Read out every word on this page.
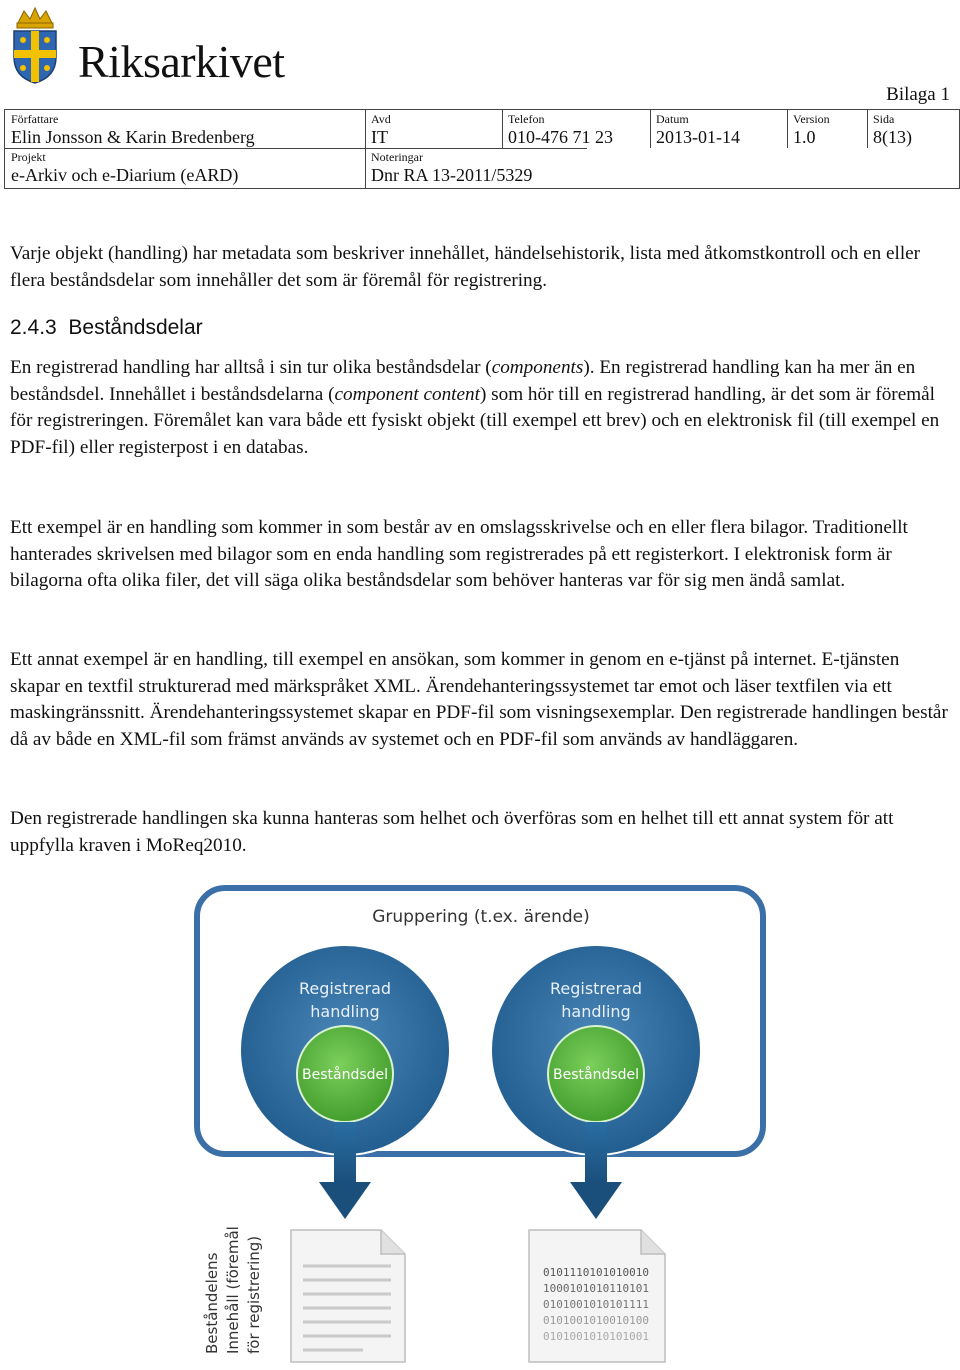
Riksarkivet
Bilaga 1
Författare
Elin Jonsson & Karin Bredenberg
Avd
IT
Telefon
010-476 71 23
Datum
2013-01-14
Version
1.0
Sida
8(13)
Projekt
e-Arkiv och e-Diarium (eARD)
Noteringar
Dnr RA 13-2011/5329

Varje objekt (handling) har metadata som beskriver innehållet, händelsehistorik, lista med åtkomstkontroll och en eller flera beståndsdelar som innehåller det som är föremål för registrering.

2.4.3 Beståndsdelar

En registrerad handling har alltså i sin tur olika beståndsdelar (components). En registrerad handling kan ha mer än en beståndsdel. Innehållet i beståndsdelarna (component content) som hör till en registrerad handling, är det som är föremål för registreringen. Föremålet kan vara både ett fysiskt objekt (till exempel ett brev) och en elektronisk fil (till exempel en PDF-fil) eller registerpost i en databas.

Ett exempel är en handling som kommer in som består av en omslagsskrivelse och en eller flera bilagor. Traditionellt hanterades skrivelsen med bilagor som en enda handling som registrerades på ett registerkort. I elektronisk form är bilagorna ofta olika filer, det vill säga olika beståndsdelar som behöver hanteras var för sig men ändå samlat.

Ett annat exempel är en handling, till exempel en ansökan, som kommer in genom en e-tjänst på internet. E-tjänsten skapar en textfil strukturerad med märkspråket XML. Ärendehanteringssystemet tar emot och läser textfilen via ett maskingränssnitt. Ärendehanteringssystemet skapar en PDF-fil som visningsexemplar. Den registrerade handlingen består då av både en XML-fil som främst används av systemet och en PDF-fil som används av handläggaren.

Den registrerade handlingen ska kunna hanteras som helhet och överföras som en helhet till ett annat system för att uppfylla kraven i MoReq2010.

Gruppering (t.ex. ärende)
Registrerad
handling
Registrerad
handling
Beståndsdel	Beståndsdel
0101110101010010
1000101010110101
0101001010101111
0101001010010100
0101001010101001
Beståndelens Innehåll (föremål för registrering)
